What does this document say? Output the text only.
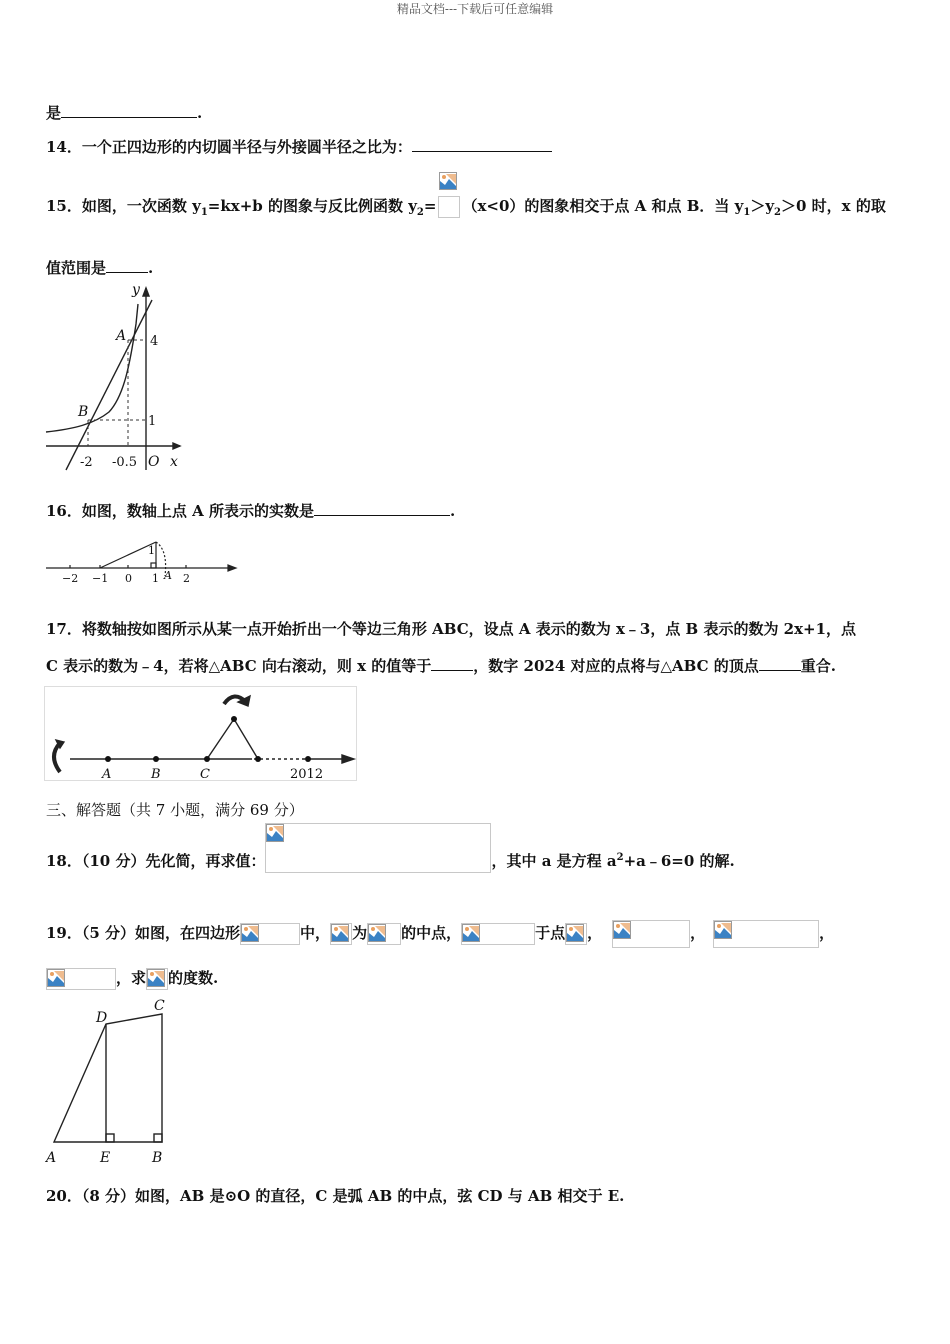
精品文档---下载后可任意编辑
是	.
14．一个正四边形的内切圆半径与外接圆半径之比为：
15．如图，一次函数 $y_1=kx+b$ 的图象与反比例函数 $y_2= (x<0)$的图象相交于点 A 和点 B．当 $y_1>y_2>0$ 时，x 的取
值范围是	.
y
x
A
B
O
4
1
-2 -0.5
16．如图，数轴上点 A 所表示的实数是	.
−2 −1 0 1 A 2
1
17．将数轴按如图所示从某一点开始折出一个等边三角形 ABC，设点 A 表示的数为 x﹣3，点 B 表示的数为 2x+1，点
C 表示的数为﹣4，若将△ABC 向右滚动，则 x 的值等于	，数字 2024 对应的点将与△ABC 的顶点	重合.
A	B	C	2012
三、解答题（共 7 小题，满分 69 分）
18．（10 分）先化简，再求值：	，其中 a 是方程 $a^2+a﹣6=0$ 的解.
19．（5 分）如图，在四边形	中， 为 的中点，	于点 ，	，	，
，求 的度数.
A	E	B
C
D
20．（8 分）如图，AB 是⊙O 的直径，C 是弧 AB 的中点，弦 CD 与 AB 相交于 E.
